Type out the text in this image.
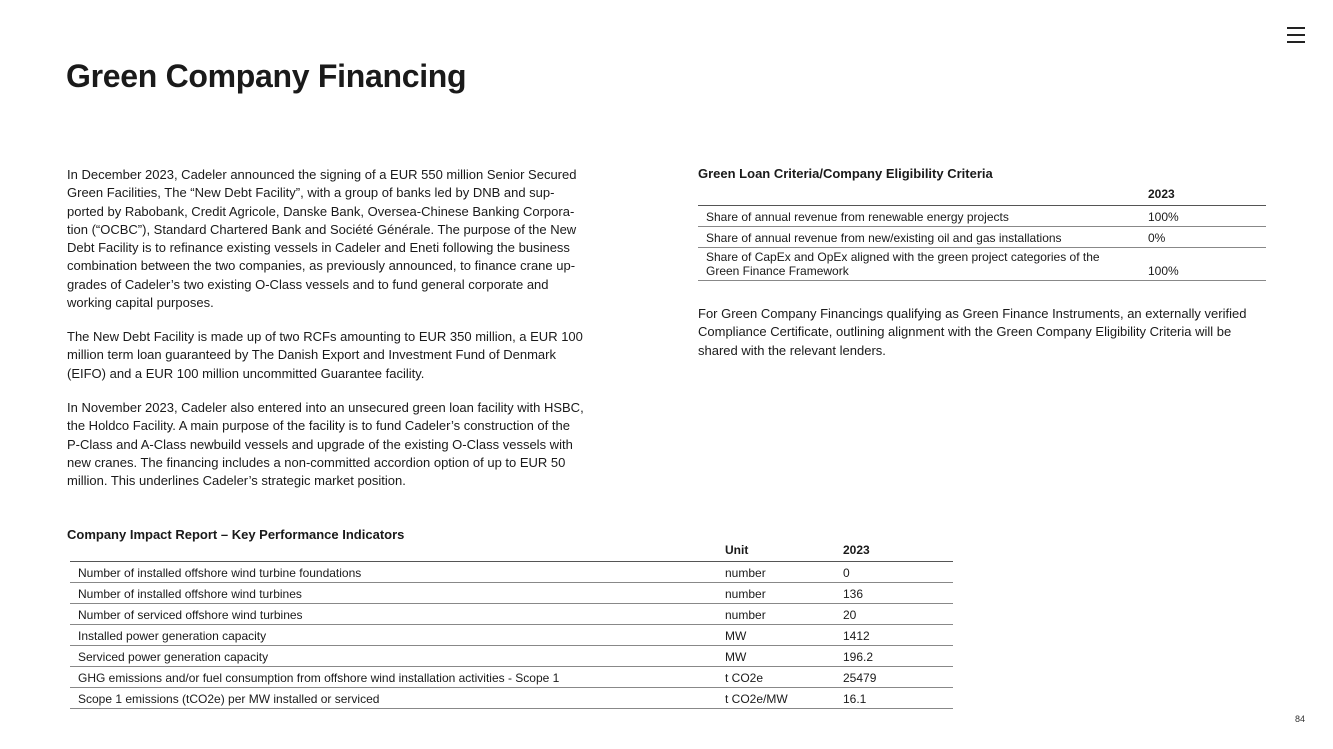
Green Company Financing
In December 2023, Cadeler announced the signing of a EUR 550 million Senior Secured
Green Facilities, The “New Debt Facility”, with a group of banks led by DNB and sup-
ported by Rabobank, Credit Agricole, Danske Bank, Oversea-Chinese Banking Corpora-
tion (“OCBC”), Standard Chartered Bank and Société Générale. The purpose of the New
Debt Facility is to refinance existing vessels in Cadeler and Eneti following the business
combination between the two companies, as previously announced, to finance crane up-
grades of Cadeler’s two existing O-Class vessels and to fund general corporate and
working capital purposes.
The New Debt Facility is made up of two RCFs amounting to EUR 350 million, a EUR 100
million term loan guaranteed by The Danish Export and Investment Fund of Denmark
(EIFO) and a EUR 100 million uncommitted Guarantee facility.
In November 2023, Cadeler also entered into an unsecured green loan facility with HSBC,
the Holdco Facility. A main purpose of the facility is to fund Cadeler’s construction of the
P-Class and A-Class newbuild vessels and upgrade of the existing O-Class vessels with
new cranes. The financing includes a non-committed accordion option of up to EUR 50
million. This underlines Cadeler’s strategic market position.
Green Loan Criteria/Company Eligibility Criteria
	2023
Share of annual revenue from renewable energy projects	100%
Share of annual revenue from new/existing oil and gas installations	0%

Share of CapEx and OpEx aligned with the green project categories of the
Green Finance Framework	100%
For Green Company Financings qualifying as Green Finance Instruments, an externally verified Compliance Certificate, outlining alignment with the Green Company Eligibility Criteria will be shared with the relevant lenders.
Company Impact Report – Key Performance Indicators
	Unit	2023
Number of installed offshore wind turbine foundations	number	0
Number of installed offshore wind turbines	number	136
Number of serviced offshore wind turbines	number	20
Installed power generation capacity	MW	1412
Serviced power generation capacity	MW	196.2
GHG emissions and/or fuel consumption from offshore wind installation activities - Scope 1	t CO2e	25479
Scope 1 emissions (tCO2e) per MW installed or serviced	t CO2e/MW	16.1
84
